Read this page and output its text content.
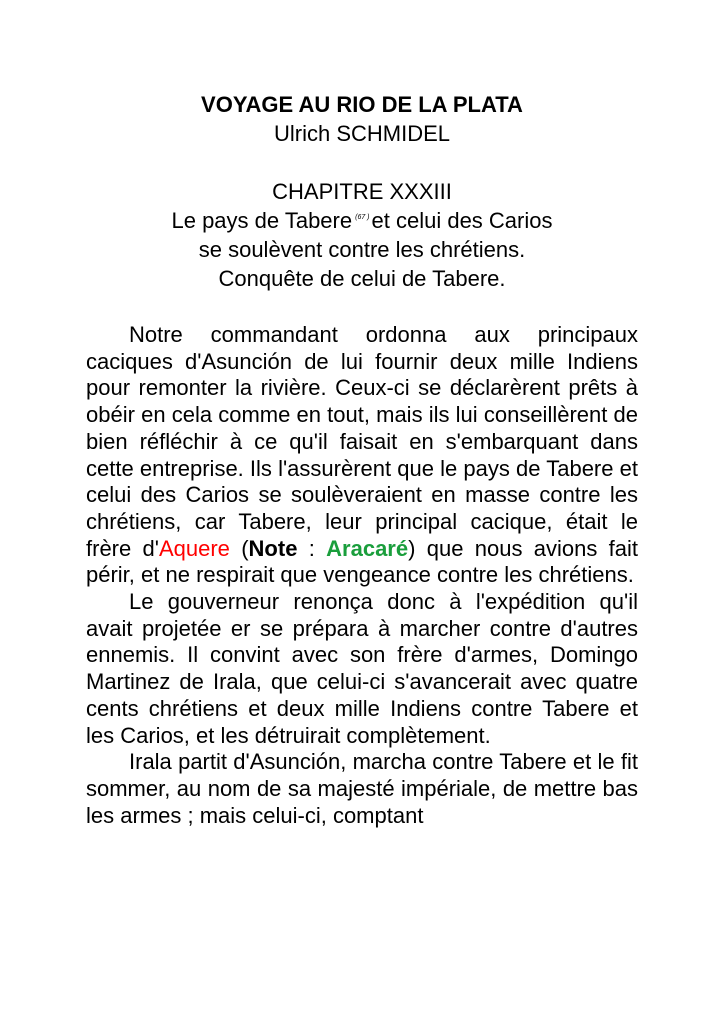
VOYAGE AU RIO DE LA PLATA
Ulrich SCHMIDEL
CHAPITRE XXXIII
Le pays de Tabere $^{(67 )}$et celui des Carios
se soulèvent contre les chrétiens.
Conquête de celui de Tabere.

Notre commandant ordonna aux principaux caciques d'Asunción de lui fournir deux mille Indiens pour remonter la rivière. Ceux-ci se déclarèrent prêts à obéir en cela comme en tout, mais ils lui conseillèrent de bien réfléchir à ce qu'il faisait en s'embarquant dans cette entreprise. Ils l'assurèrent que le pays de Tabere et celui des Carios se soulèveraient en masse contre les chrétiens, car Tabere, leur principal cacique, était le frère d'Aquere (Note : Aracaré) que nous avions fait périr, et ne respirait que vengeance contre les chrétiens.

Le gouverneur renonça donc à l'expédition qu'il avait projetée er se prépara à marcher contre d'autres ennemis. Il convint avec son frère d'armes, Domingo Martinez de Irala, que celui-ci s'avancerait avec quatre cents chrétiens et deux mille Indiens contre Tabere et les Carios, et les détruirait complètement.

Irala partit d'Asunción, marcha contre Tabere et le fit sommer, au nom de sa majesté impériale, de mettre bas les armes ; mais celui-ci, comptant
